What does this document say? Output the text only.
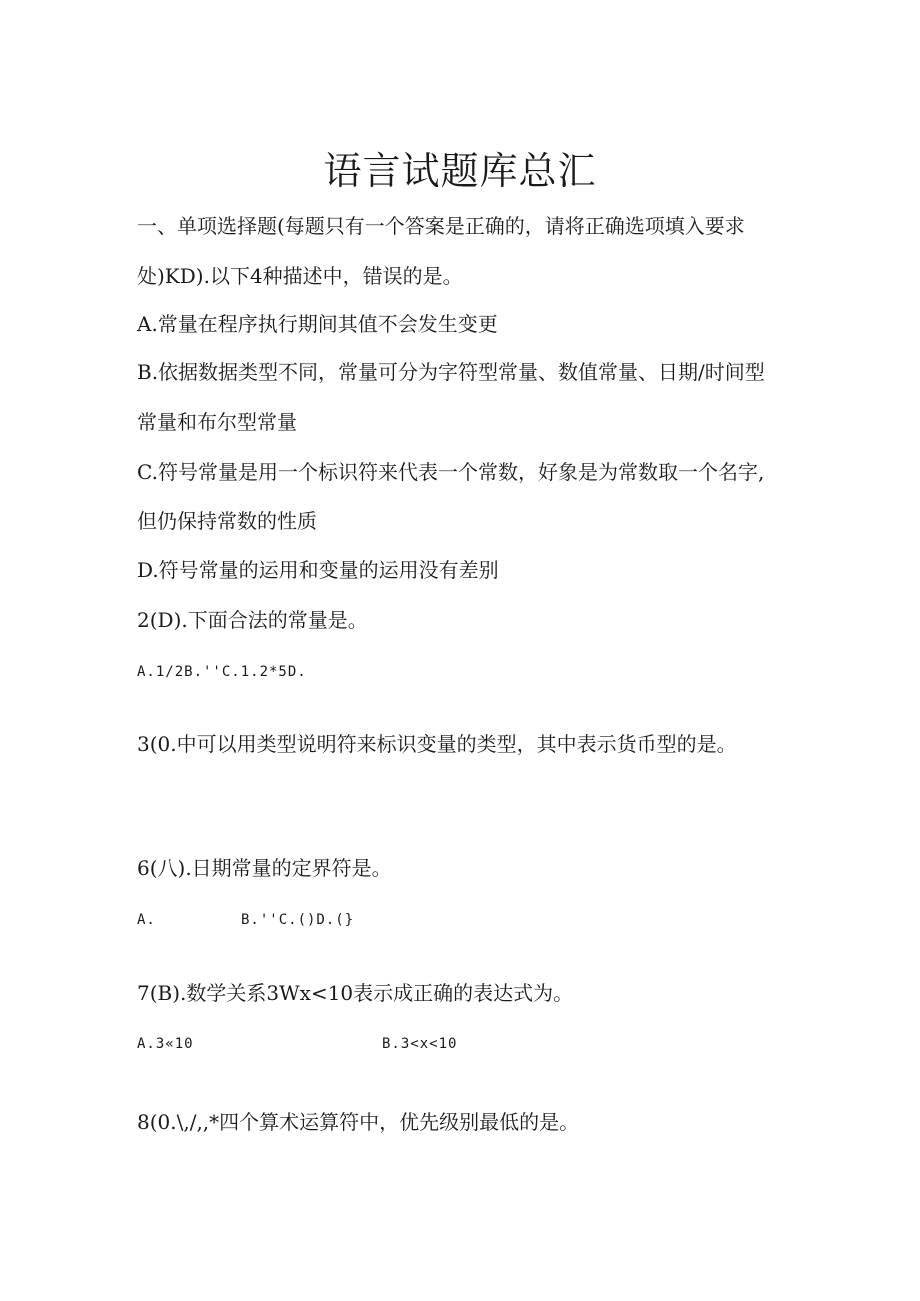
语言试题库总汇
一、单项选择题(每题只有一个答案是正确的，请将正确选项填入要求
处)KD).以下4种描述中，错误的是。
A.常量在程序执行期间其值不会发生变更
B.依据数据类型不同，常量可分为字符型常量、数值常量、日期/时间型
常量和布尔型常量
C.符号常量是用一个标识符来代表一个常数，好象是为常数取一个名字,
但仍保持常数的性质
D.符号常量的运用和变量的运用没有差别
2(D).下面合法的常量是。
A.1/2B.''C.1.2*5D.
3(0.中可以用类型说明符来标识变量的类型，其中表示货币型的是。
6(八).日期常量的定界符是。
A.	B.''C.()D.(}
7(B).数学关系3Wx<10表示成正确的表达式为。
A.3«10	B.3<x<10
8(0.\,/,,*四个算术运算符中，优先级别最低的是。
